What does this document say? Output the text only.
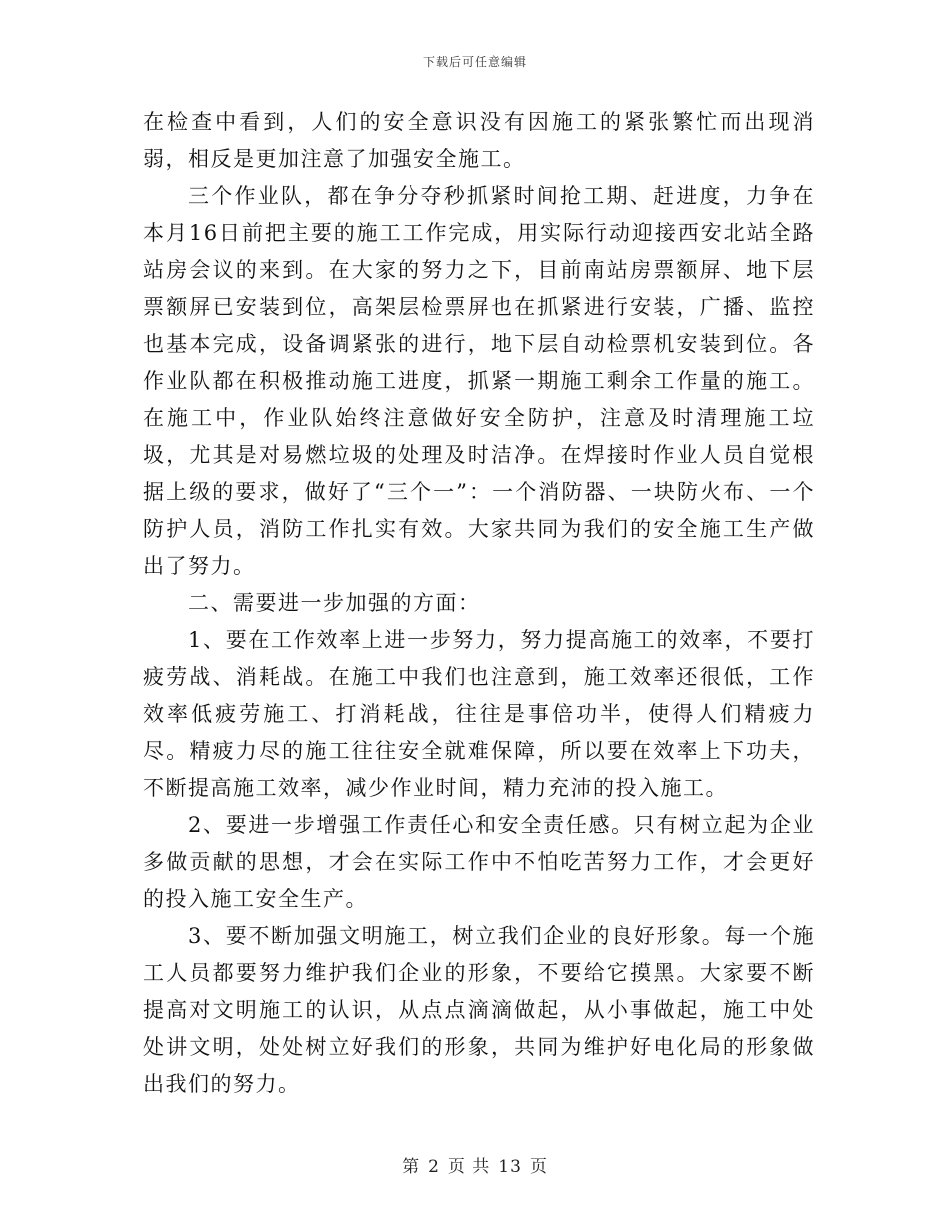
下载后可任意编辑

在检查中看到，人们的安全意识没有因施工的紧张繁忙而出现消弱，相反是更加注意了加强安全施工。

三个作业队，都在争分夺秒抓紧时间抢工期、赶进度，力争在本月16日前把主要的施工工作完成，用实际行动迎接西安北站全路站房会议的来到。在大家的努力之下，目前南站房票额屏、地下层票额屏已安装到位，高架层检票屏也在抓紧进行安装，广播、监控也基本完成，设备调紧张的进行，地下层自动检票机安装到位。各作业队都在积极推动施工进度，抓紧一期施工剩余工作量的施工。在施工中，作业队始终注意做好安全防护，注意及时清理施工垃圾，尤其是对易燃垃圾的处理及时洁净。在焊接时作业人员自觉根据上级的要求，做好了“三个一”：一个消防器、一块防火布、一个防护人员，消防工作扎实有效。大家共同为我们的安全施工生产做出了努力。

二、需要进一步加强的方面：

1、要在工作效率上进一步努力，努力提高施工的效率，不要打疲劳战、消耗战。在施工中我们也注意到，施工效率还很低，工作效率低疲劳施工、打消耗战，往往是事倍功半，使得人们精疲力尽。精疲力尽的施工往往安全就难保障，所以要在效率上下功夫，不断提高施工效率，减少作业时间，精力充沛的投入施工。

2、要进一步增强工作责任心和安全责任感。只有树立起为企业多做贡献的思想，才会在实际工作中不怕吃苦努力工作，才会更好的投入施工安全生产。

3、要不断加强文明施工，树立我们企业的良好形象。每一个施工人员都要努力维护我们企业的形象，不要给它摸黑。大家要不断提高对文明施工的认识，从点点滴滴做起，从小事做起，施工中处处讲文明，处处树立好我们的形象，共同为维护好电化局的形象做出我们的努力。

第 2 页 共 13 页
